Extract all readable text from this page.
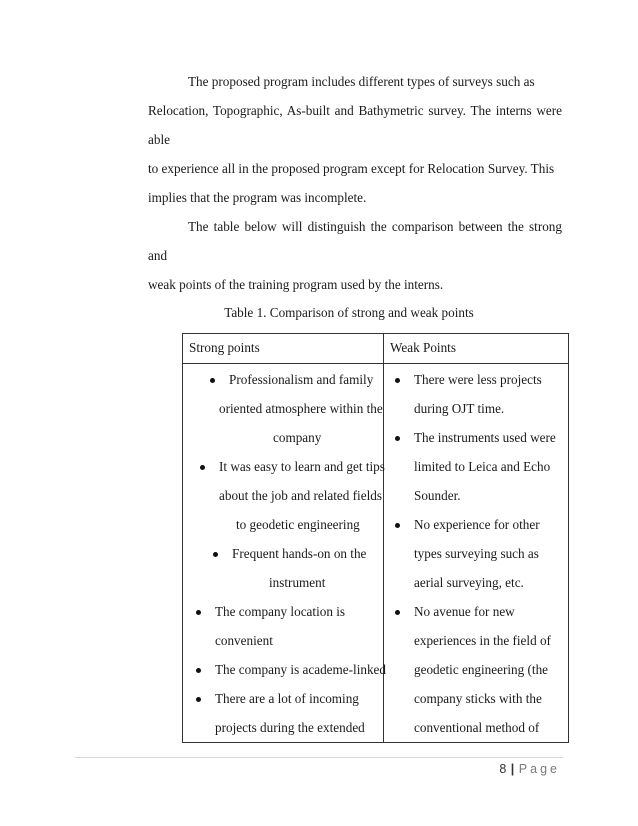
The proposed program includes different types of surveys such as
Relocation, Topographic, As-built and Bathymetric survey. The interns were able
to experience all in the proposed program except for Relocation Survey. This
implies that the program was incomplete.

The table below will distinguish the comparison between the strong and
weak points of the training program used by the interns.

Table 1. Comparison of strong and weak points
Strong points	Weak Points
Professionalism and family
oriented atmosphere within the
company
It was easy to learn and get tips
about the job and related fields
to geodetic engineering
Frequent hands-on on the
instrument
The company location is
convenient
The company is academe-linked
There are a lot of incoming
projects during the extended
There were less projects
during OJT time.
The instruments used were
limited to Leica and Echo
Sounder.
No experience for other
types surveying such as
aerial surveying, etc.
No avenue for new
experiences in the field of
geodetic engineering (the
company sticks with the
conventional method of
8 | Page
